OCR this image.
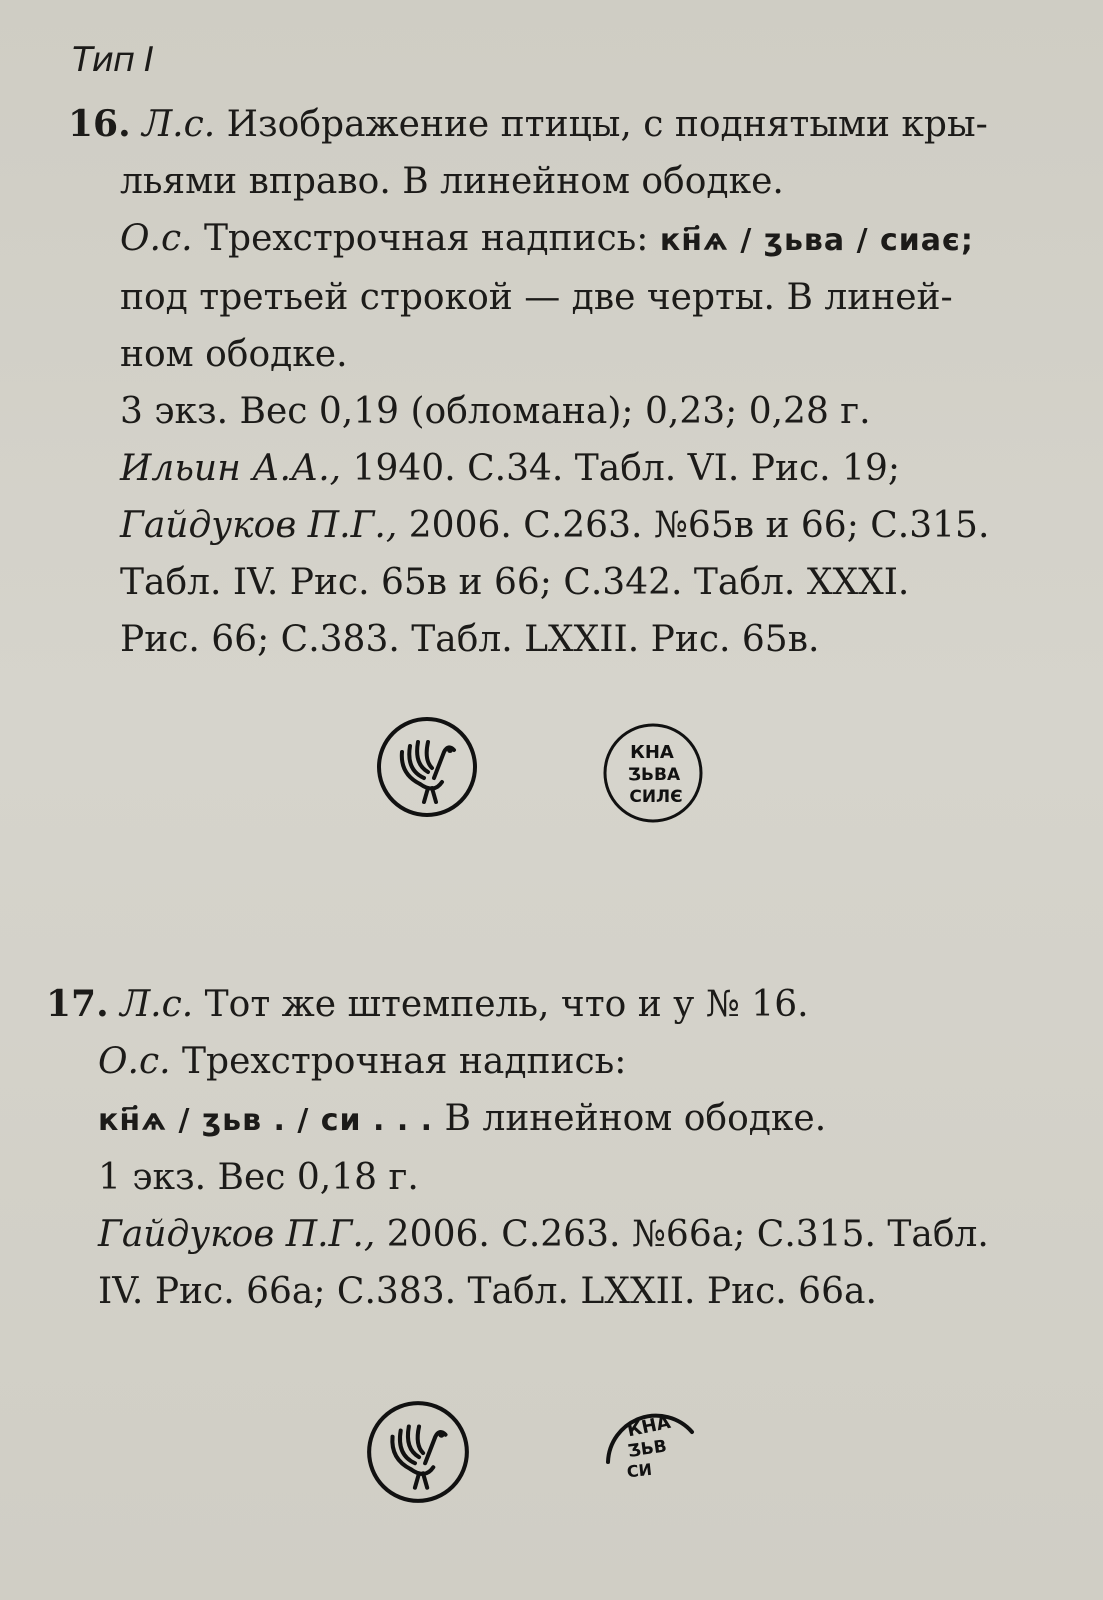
Тип I
16. Л.с. Изображение птицы, с поднятыми кры-
льями вправо. В линейном ободке.
О.с. Трехстрочная надпись: кн҃ѧ / ӡьва / сиає;
под третьей строкой — две черты. В линей-
ном ободке.
3 экз. Вес 0,19 (обломана); 0,23; 0,28 г.
Ильин А.А., 1940. С.34. Табл. VI. Рис. 19;
Гайдуков П.Г., 2006. С.263. №65в и 66; С.315.
Табл. IV. Рис. 65в и 66; С.342. Табл. XXXI.
Рис. 66; С.383. Табл. LXXII. Рис. 65в.
КНА
ӠЬВА
СИЛЄ
17. Л.с. Тот же штемпель, что и у № 16.
О.с. Трехстрочная надпись:
кн҃ѧ / ӡьв . / си . . . В линейном ободке.
1 экз. Вес 0,18 г.
Гайдуков П.Г., 2006. С.263. №66а; С.315. Табл.
IV. Рис. 66а; С.383. Табл. LXXII. Рис. 66а.
КНА
ӠЬВ
СИ
